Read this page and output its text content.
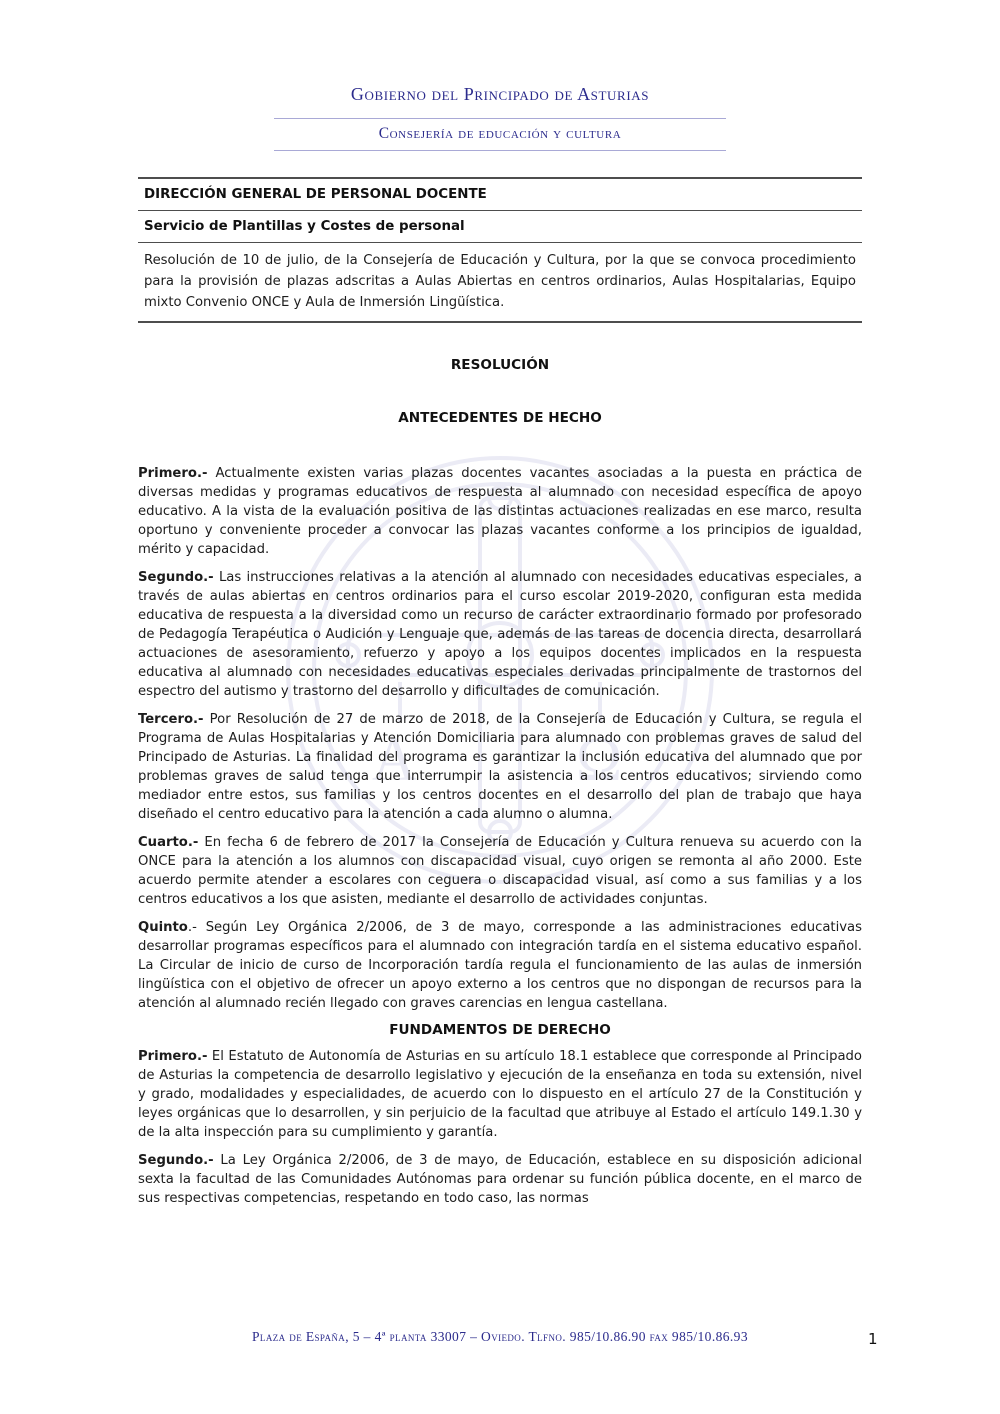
Α	Ω
Gobierno del Principado de Asturias
Consejería de educación y cultura
DIRECCIÓN GENERAL DE PERSONAL DOCENTE
Servicio de Plantillas y Costes de personal
Resolución de 10 de julio, de la Consejería de Educación y Cultura, por la que se convoca procedimiento para la provisión de plazas adscritas a Aulas Abiertas en centros ordinarios, Aulas Hospitalarias, Equipo mixto Convenio ONCE y Aula de Inmersión Lingüística.
RESOLUCIÓN
ANTECEDENTES DE HECHO

Primero.- Actualmente existen varias plazas docentes vacantes asociadas a la puesta en práctica de diversas medidas y programas educativos de respuesta al alumnado con necesidad específica de apoyo educativo. A la vista de la evaluación positiva de las distintas actuaciones realizadas en ese marco, resulta oportuno y conveniente proceder a convocar las plazas vacantes conforme a los principios de igualdad, mérito y capacidad.

Segundo.- Las instrucciones relativas a la atención al alumnado con necesidades educativas especiales, a través de aulas abiertas en centros ordinarios para el curso escolar 2019-2020, configuran esta medida educativa de respuesta a la diversidad como un recurso de carácter extraordinario formado por profesorado de Pedagogía Terapéutica o Audición y Lenguaje que, además de las tareas de docencia directa, desarrollará actuaciones de asesoramiento, refuerzo y apoyo a los equipos docentes implicados en la respuesta educativa al alumnado con necesidades educativas especiales derivadas principalmente de trastornos del espectro del autismo y trastorno del desarrollo y dificultades de comunicación.

Tercero.- Por Resolución de 27 de marzo de 2018, de la Consejería de Educación y Cultura, se regula el Programa de Aulas Hospitalarias y Atención Domiciliaria para alumnado con problemas graves de salud del Principado de Asturias. La finalidad del programa es garantizar la inclusión educativa del alumnado que por problemas graves de salud tenga que interrumpir la asistencia a los centros educativos; sirviendo como mediador entre estos, sus familias y los centros docentes en el desarrollo del plan de trabajo que haya diseñado el centro educativo para la atención a cada alumno o alumna.

Cuarto.- En fecha 6 de febrero de 2017 la Consejería de Educación y Cultura renueva su acuerdo con la ONCE para la atención a los alumnos con discapacidad visual, cuyo origen se remonta al año 2000. Este acuerdo permite atender a escolares con ceguera o discapacidad visual, así como a sus familias y a los centros educativos a los que asisten, mediante el desarrollo de actividades conjuntas.

Quinto.- Según Ley Orgánica 2/2006, de 3 de mayo, corresponde a las administraciones educativas desarrollar programas específicos para el alumnado con integración tardía en el sistema educativo español. La Circular de inicio de curso de Incorporación tardía regula el funcionamiento de las aulas de inmersión lingüística con el objetivo de ofrecer un apoyo externo a los centros que no dispongan de recursos para la atención al alumnado recién llegado con graves carencias en lengua castellana.

FUNDAMENTOS DE DERECHO

Primero.- El Estatuto de Autonomía de Asturias en su artículo 18.1 establece que corresponde al Principado de Asturias la competencia de desarrollo legislativo y ejecución de la enseñanza en toda su extensión, nivel y grado, modalidades y especialidades, de acuerdo con lo dispuesto en el artículo 27 de la Constitución y leyes orgánicas que lo desarrollen, y sin perjuicio de la facultad que atribuye al Estado el artículo 149.1.30 y de la alta inspección para su cumplimiento y garantía.

Segundo.- La Ley Orgánica 2/2006, de 3 de mayo, de Educación, establece en su disposición adicional sexta la facultad de las Comunidades Autónomas para ordenar su función pública docente, en el marco de sus respectivas competencias, respetando en todo caso, las normas

Plaza de España, 5 – 4ª planta 33007 – Oviedo. Tlfno. 985/10.86.90 fax 985/10.86.93	1
